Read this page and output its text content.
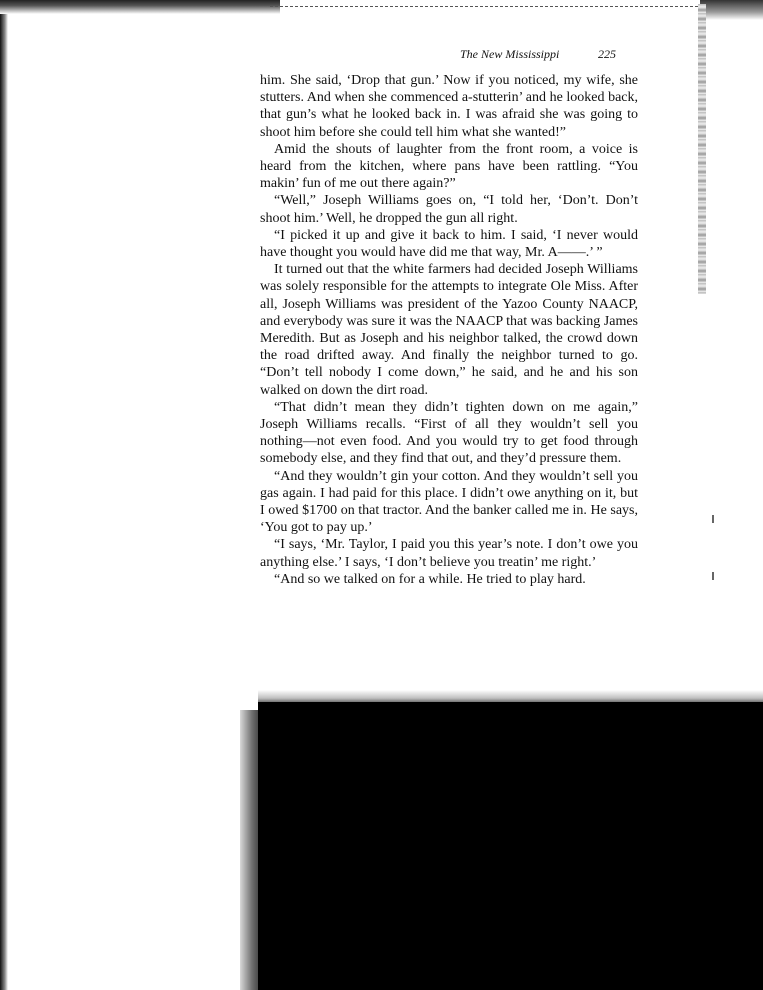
The New Mississippi	225

him. She said, ‘Drop that gun.’ Now if you noticed, my wife, she stutters. And when she commenced a-stutterin’ and he looked back, that gun’s what he looked back in. I was afraid she was going to shoot him before she could tell him what she wanted!”

Amid the shouts of laughter from the front room, a voice is heard from the kitchen, where pans have been rattling. “You makin’ fun of me out there again?”

“Well,” Joseph Williams goes on, “I told her, ‘Don’t. Don’t shoot him.’ Well, he dropped the gun all right.

“I picked it up and give it back to him. I said, ‘I never would have thought you would have did me that way, Mr. A——.’ ”

It turned out that the white farmers had decided Joseph Williams was solely responsible for the attempts to integrate Ole Miss. After all, Joseph Williams was president of the Yazoo County NAACP, and everybody was sure it was the NAACP that was backing James Meredith. But as Joseph and his neighbor talked, the crowd down the road drifted away. And finally the neighbor turned to go. “Don’t tell nobody I come down,” he said, and he and his son walked on down the dirt road.

“That didn’t mean they didn’t tighten down on me again,” Joseph Williams recalls. “First of all they wouldn’t sell you nothing—not even food. And you would try to get food through somebody else, and they find that out, and they’d pressure them.

“And they wouldn’t gin your cotton. And they wouldn’t sell you gas again. I had paid for this place. I didn’t owe anything on it, but I owed $1700 on that tractor. And the banker called me in. He says, ‘You got to pay up.’

“I says, ‘Mr. Taylor, I paid you this year’s note. I don’t owe you anything else.’ I says, ‘I don’t believe you treatin’ me right.’

“And so we talked on for a while. He tried to play hard.
